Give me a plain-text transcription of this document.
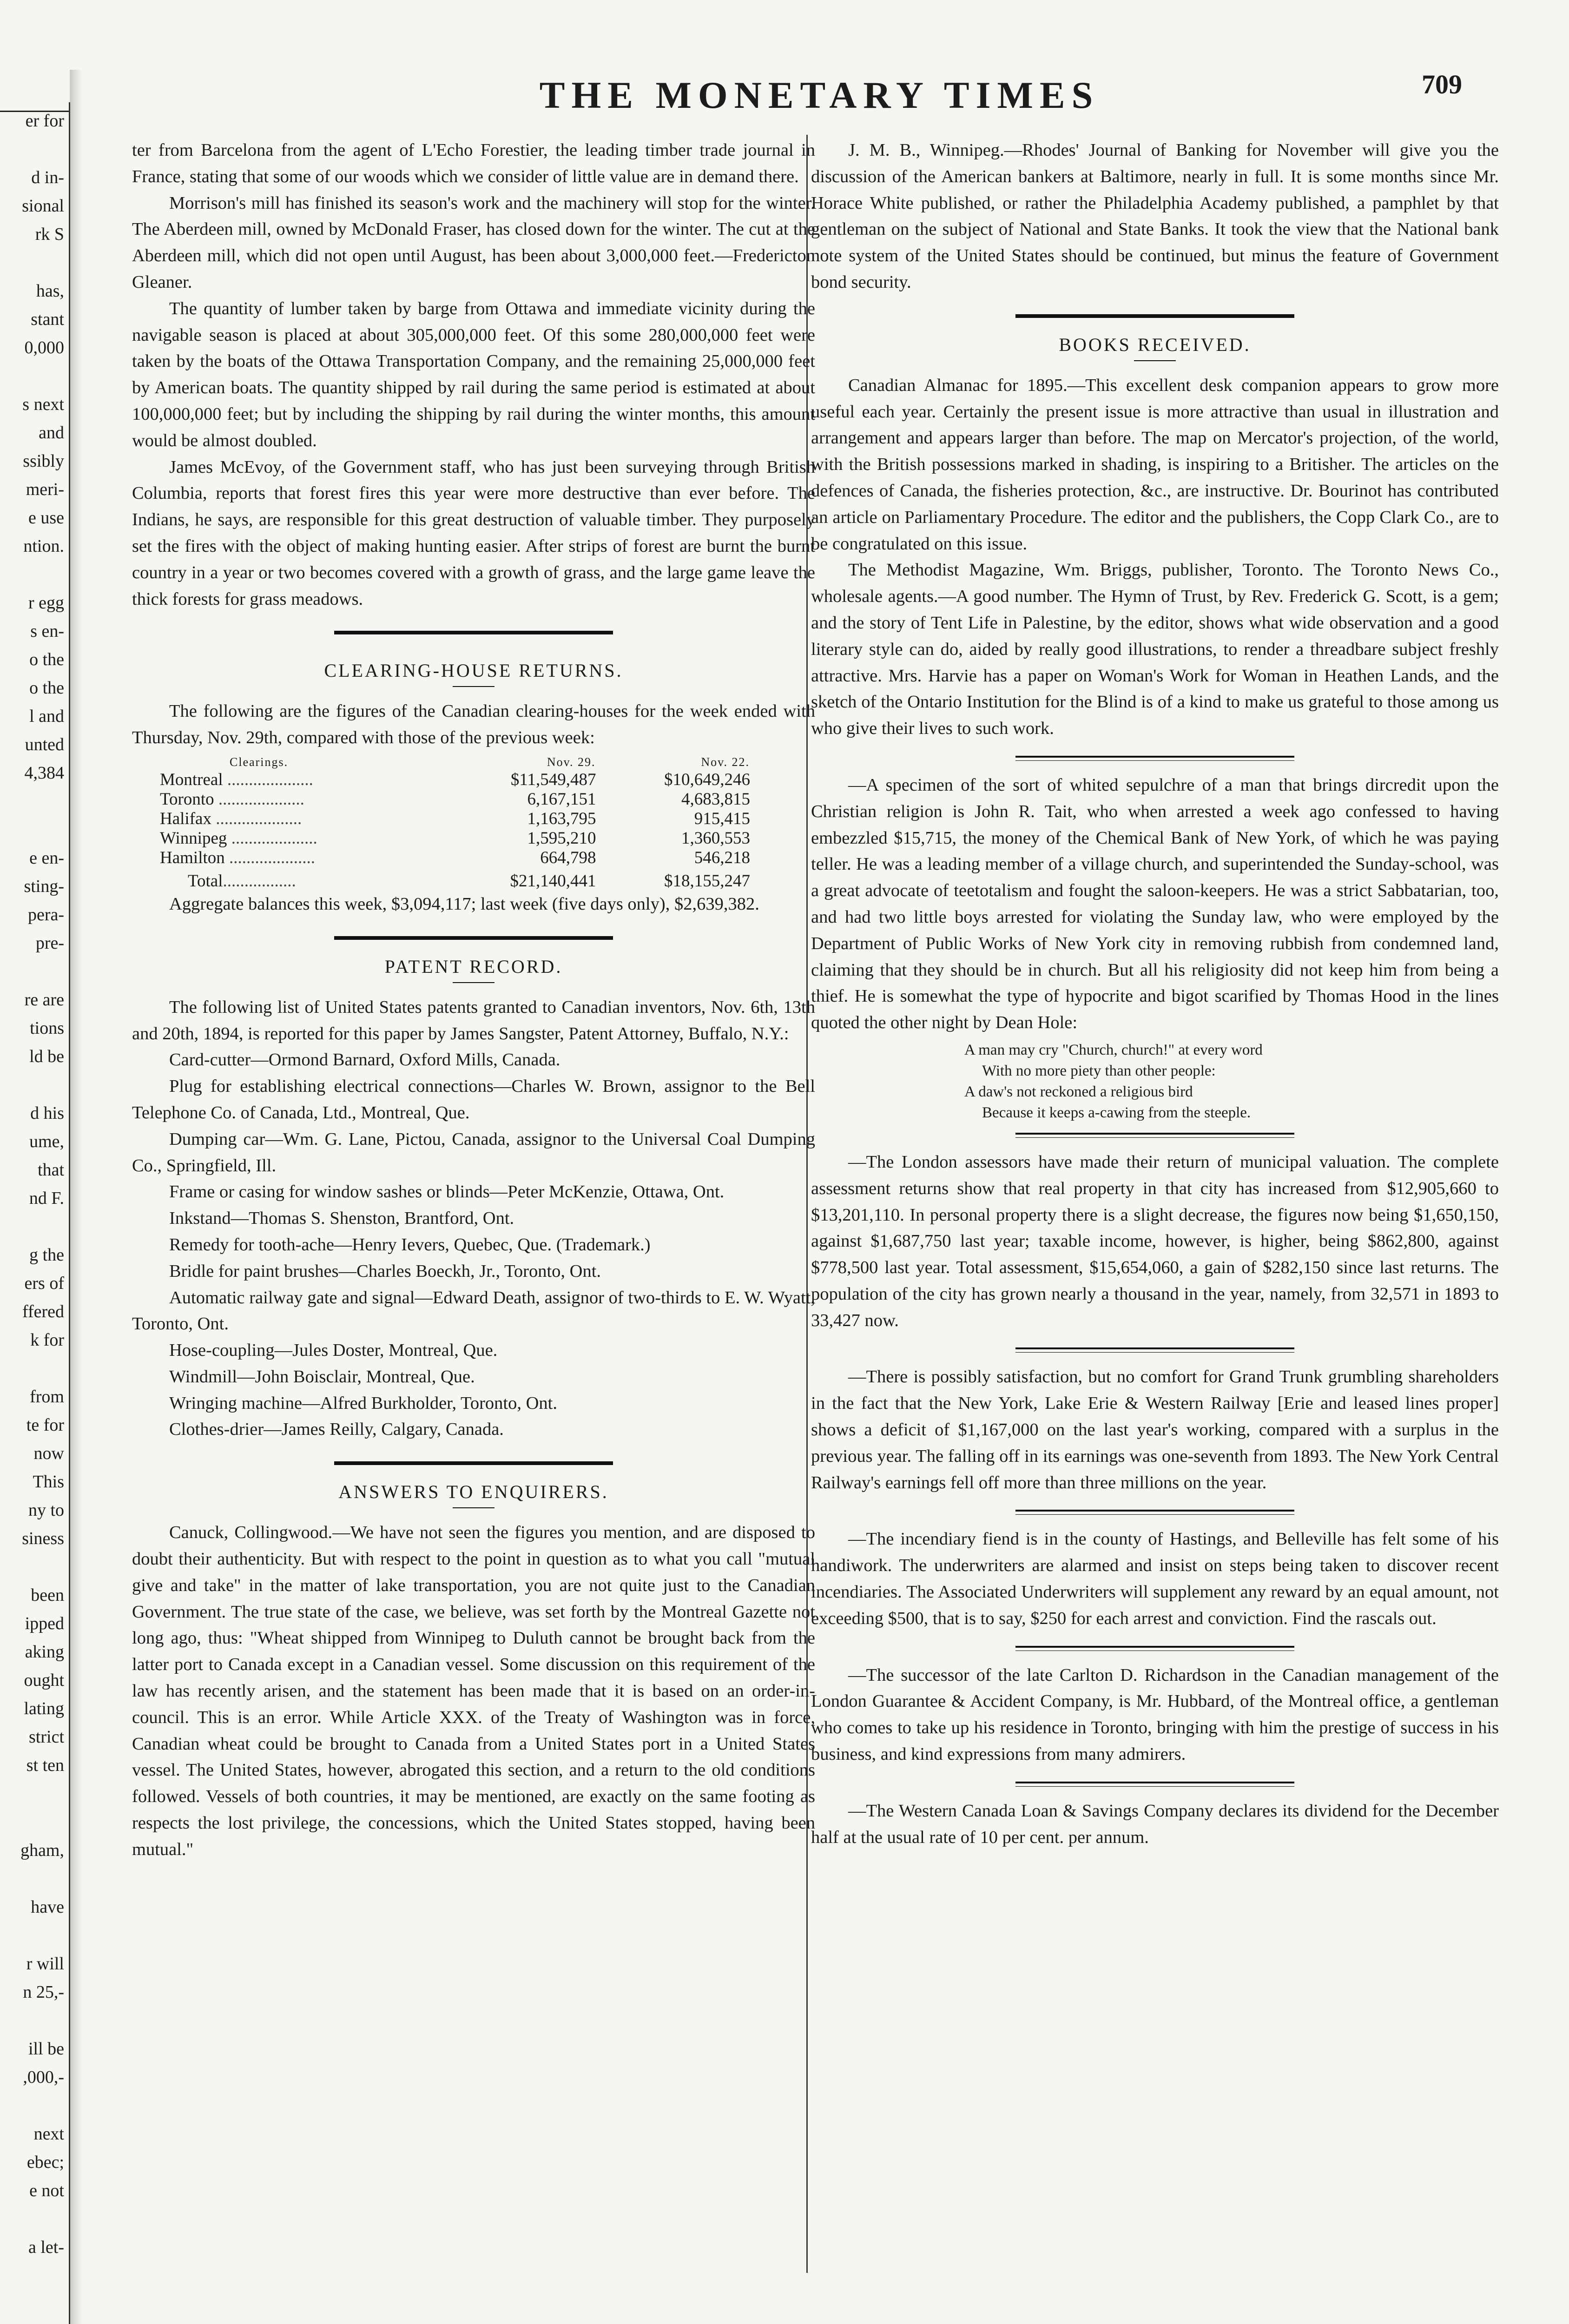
er for
d in-
sional
rk S
has,
stant
0,000
s next
and
ssibly
meri-
e use
ntion.
r egg
s en-
o the
o the
l and
unted
4,384
e en-
sting-
pera-
pre-
re are
tions
ld be
d his
ume,
that
nd F.
g the
ers of
ffered
k for
from
te for
now
This
ny to
siness
been
ipped
aking
ought
lating
strict
st ten
gham,
have
r will
n 25,-
ill be
,000,-
next
ebec;
e not
a let-
THE MONETARY TIMES	709

ter from Barcelona from the agent of L'Echo Forestier, the leading timber trade journal in France, stating that some of our woods which we consider of little value are in demand there.

Morrison's mill has finished its season's work and the machinery will stop for the winter. The Aberdeen mill, owned by McDonald Fraser, has closed down for the winter. The cut at the Aberdeen mill, which did not open until August, has been about 3,000,000 feet.—Fredericton Gleaner.

The quantity of lumber taken by barge from Ottawa and immediate vicinity during the navigable season is placed at about 305,000,000 feet. Of this some 280,000,000 feet were taken by the boats of the Ottawa Transportation Company, and the remaining 25,000,000 feet by American boats. The quantity shipped by rail during the same period is estimated at about 100,000,000 feet; but by including the shipping by rail during the winter months, this amount would be almost doubled.

James McEvoy, of the Government staff, who has just been surveying through British Columbia, reports that forest fires this year were more destructive than ever before. The Indians, he says, are responsible for this great destruction of valuable timber. They purposely set the fires with the object of making hunting easier. After strips of forest are burnt the burnt country in a year or two becomes covered with a growth of grass, and the large game leave the thick forests for grass meadows.

CLEARING-HOUSE RETURNS.

The following are the figures of the Canadian clearing-houses for the week ended with Thursday, Nov. 29th, compared with those of the previous week:

Clearings.	Nov. 29.	Nov. 22.
Montreal ....................	$11,549,487	$10,649,246
Toronto ....................	6,167,151	4,683,815
Halifax ....................	1,163,795	915,415
Winnipeg ....................	1,595,210	1,360,553
Hamilton ....................	664,798	546,218
Total.................	$21,140,441	$18,155,247

Aggregate balances this week, $3,094,117; last week (five days only), $2,639,382.

PATENT RECORD.

The following list of United States patents granted to Canadian inventors, Nov. 6th, 13th and 20th, 1894, is reported for this paper by James Sangster, Patent Attorney, Buffalo, N.Y.:

Card-cutter—Ormond Barnard, Oxford Mills, Canada.

Plug for establishing electrical connections—Charles W. Brown, assignor to the Bell Telephone Co. of Canada, Ltd., Montreal, Que.

Dumping car—Wm. G. Lane, Pictou, Canada, assignor to the Universal Coal Dumping Co., Springfield, Ill.

Frame or casing for window sashes or blinds—Peter McKenzie, Ottawa, Ont.

Inkstand—Thomas S. Shenston, Brantford, Ont.

Remedy for tooth-ache—Henry Ievers, Quebec, Que. (Trademark.)

Bridle for paint brushes—Charles Boeckh, Jr., Toronto, Ont.

Automatic railway gate and signal—Edward Death, assignor of two-thirds to E. W. Wyatt, Toronto, Ont.

Hose-coupling—Jules Doster, Montreal, Que.

Windmill—John Boisclair, Montreal, Que.

Wringing machine—Alfred Burkholder, Toronto, Ont.

Clothes-drier—James Reilly, Calgary, Canada.

ANSWERS TO ENQUIRERS.

Canuck, Collingwood.—We have not seen the figures you mention, and are disposed to doubt their authenticity. But with respect to the point in question as to what you call "mutual give and take" in the matter of lake transportation, you are not quite just to the Canadian Government. The true state of the case, we believe, was set forth by the Montreal Gazette not long ago, thus: "Wheat shipped from Winnipeg to Duluth cannot be brought back from the latter port to Canada except in a Canadian vessel. Some discussion on this requirement of the law has recently arisen, and the statement has been made that it is based on an order-in-council. This is an error. While Article XXX. of the Treaty of Washington was in force, Canadian wheat could be brought to Canada from a United States port in a United States vessel. The United States, however, abrogated this section, and a return to the old conditions followed. Vessels of both countries, it may be mentioned, are exactly on the same footing as respects the lost privilege, the concessions, which the United States stopped, having been mutual."

J. M. B., Winnipeg.—Rhodes' Journal of Banking for November will give you the discussion of the American bankers at Baltimore, nearly in full. It is some months since Mr. Horace White published, or rather the Philadelphia Academy published, a pamphlet by that gentleman on the subject of National and State Banks. It took the view that the National bank note system of the United States should be continued, but minus the feature of Government bond security.

BOOKS RECEIVED.

Canadian Almanac for 1895.—This excellent desk companion appears to grow more useful each year. Certainly the present issue is more attractive than usual in illustration and arrangement and appears larger than before. The map on Mercator's projection, of the world, with the British possessions marked in shading, is inspiring to a Britisher. The articles on the defences of Canada, the fisheries protection, &c., are instructive. Dr. Bourinot has contributed an article on Parliamentary Procedure. The editor and the publishers, the Copp Clark Co., are to be congratulated on this issue.

The Methodist Magazine, Wm. Briggs, publisher, Toronto. The Toronto News Co., wholesale agents.—A good number. The Hymn of Trust, by Rev. Frederick G. Scott, is a gem; and the story of Tent Life in Palestine, by the editor, shows what wide observation and a good literary style can do, aided by really good illustrations, to render a threadbare subject freshly attractive. Mrs. Harvie has a paper on Woman's Work for Woman in Heathen Lands, and the sketch of the Ontario Institution for the Blind is of a kind to make us grateful to those among us who give their lives to such work.

—A specimen of the sort of whited sepulchre of a man that brings dircredit upon the Christian religion is John R. Tait, who when arrested a week ago confessed to having embezzled $15,715, the money of the Chemical Bank of New York, of which he was paying teller. He was a leading member of a village church, and superintended the Sunday-school, was a great advocate of teetotalism and fought the saloon-keepers. He was a strict Sabbatarian, too, and had two little boys arrested for violating the Sunday law, who were employed by the Department of Public Works of New York city in removing rubbish from condemned land, claiming that they should be in church. But all his religiosity did not keep him from being a thief. He is somewhat the type of hypocrite and bigot scarified by Thomas Hood in the lines quoted the other night by Dean Hole:

A man may cry "Church, church!" at every word
With no more piety than other people:
A daw's not reckoned a religious bird
Because it keeps a-cawing from the steeple.

—The London assessors have made their return of municipal valuation. The complete assessment returns show that real property in that city has increased from $12,905,660 to $13,201,110. In personal property there is a slight decrease, the figures now being $1,650,150, against $1,687,750 last year; taxable income, however, is higher, being $862,800, against $778,500 last year. Total assessment, $15,654,060, a gain of $282,150 since last returns. The population of the city has grown nearly a thousand in the year, namely, from 32,571 in 1893 to 33,427 now.

—There is possibly satisfaction, but no comfort for Grand Trunk grumbling shareholders in the fact that the New York, Lake Erie & Western Railway [Erie and leased lines proper] shows a deficit of $1,167,000 on the last year's working, compared with a surplus in the previous year. The falling off in its earnings was one-seventh from 1893. The New York Central Railway's earnings fell off more than three millions on the year.

—The incendiary fiend is in the county of Hastings, and Belleville has felt some of his handiwork. The underwriters are alarmed and insist on steps being taken to discover recent incendiaries. The Associated Underwriters will supplement any reward by an equal amount, not exceeding $500, that is to say, $250 for each arrest and conviction. Find the rascals out.

—The successor of the late Carlton D. Richardson in the Canadian management of the London Guarantee & Accident Company, is Mr. Hubbard, of the Montreal office, a gentleman who comes to take up his residence in Toronto, bringing with him the prestige of success in his business, and kind expressions from many admirers.

—The Western Canada Loan & Savings Company declares its dividend for the December half at the usual rate of 10 per cent. per annum.
